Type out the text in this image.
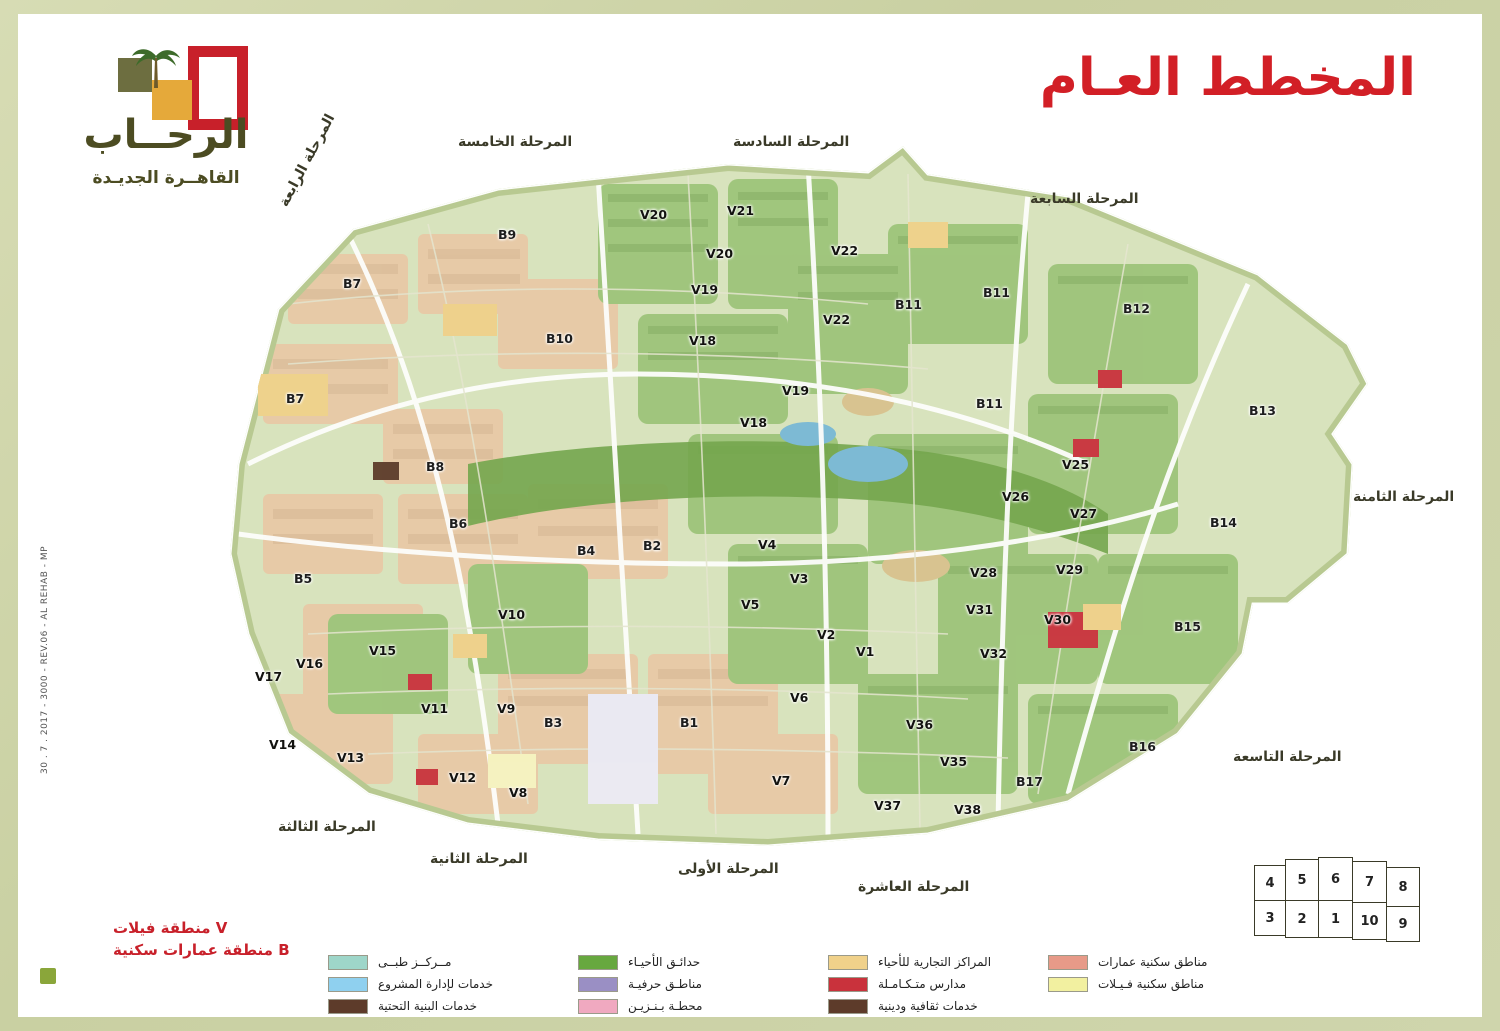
الرحــاب
القاهــرة الجديـدة
المخطط العـام
30 . 7 . 2017 - 3000 - REV.06 - AL REHAB - MP
B9
B7
B7
B8
B6
B5
B10
B4	B2
B3	B1
B11
B11
B11
B12
B13
B14
B15
B16
B17
V20	V21
V20	V22
V19
V22
V18
V19
V18
V25
V26
V27
V28	V29
V30
V31
V32
V36
V35
V37	V38
V4
V3
V5
V2
V1
V6
V7
V10
V15
V16
V17
V9
V11
V13
V14
V12
V8
المرحلة الرابعة	المرحلة الخامسة	المرحلة السادسة
المرحلة السابعة
المرحلة الثامنة
المرحلة التاسعة
المرحلة العاشرة
المرحلة الأولى
المرحلة الثانية
المرحلة الثالثة
V منطقة فيلات
B منطقة عمارات سكنية
مــركــز طبــى
خدمات لإدارة المشروع
خدمات البنية التحتية
حدائـق الأحيـاء
مناطـق حرفيـة
محطـة بـنـزيـن
المراكز التجارية للأحياء
مدارس متـكـامـلة
خدمات ثقافية ودينية
مناطق سكنية عمارات
مناطق سكنية فـيـلات
4	5	6	7	8
3	2	1	9
10
